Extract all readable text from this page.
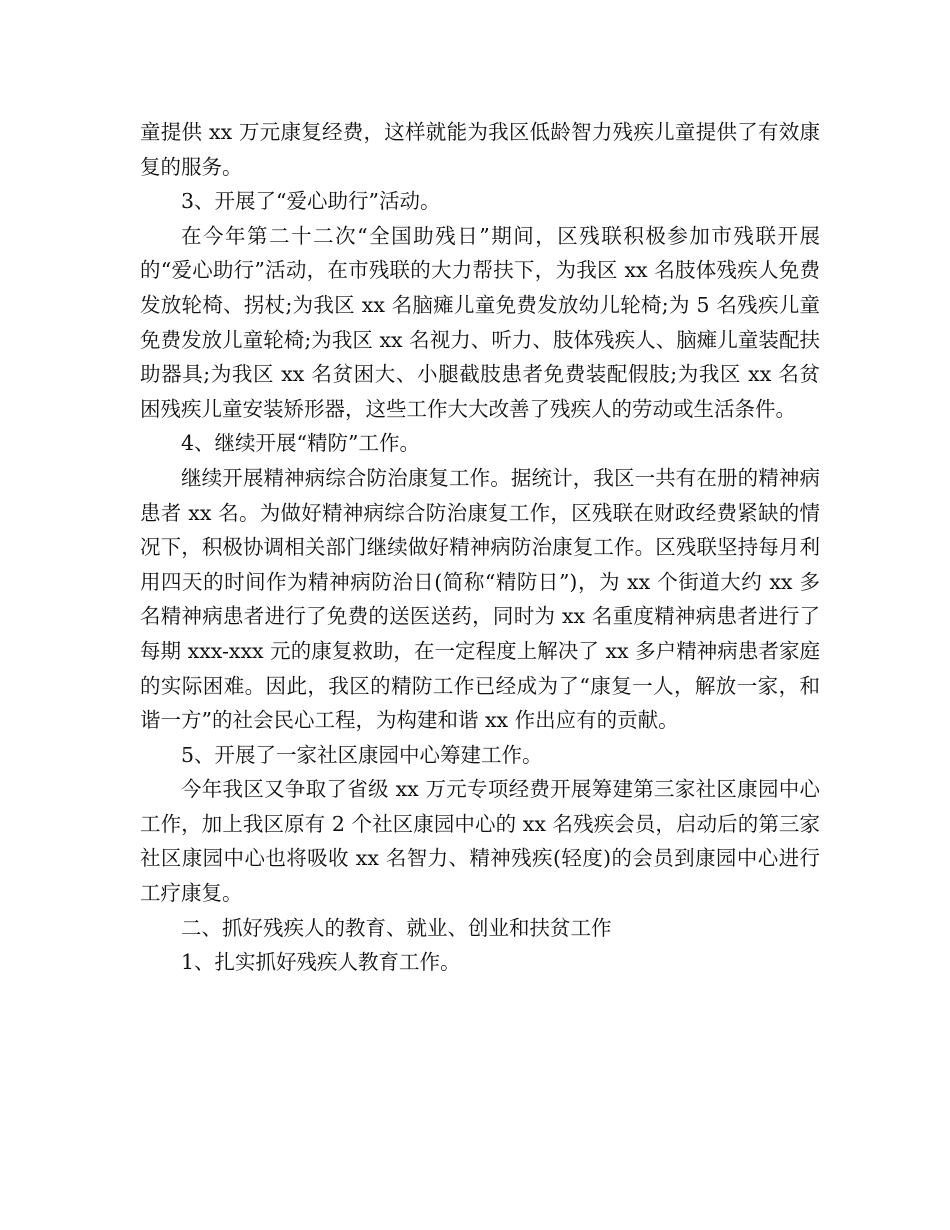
童提供 xx 万元康复经费，这样就能为我区低龄智力残疾儿童提供了有效康复的服务。

3、开展了“爱心助行”活动。

在今年第二十二次“全国助残日”期间，区残联积极参加市残联开展的“爱心助行”活动，在市残联的大力帮扶下，为我区 xx 名肢体残疾人免费发放轮椅、拐杖;为我区 xx 名脑瘫儿童免费发放幼儿轮椅;为 5 名残疾儿童免费发放儿童轮椅;为我区 xx 名视力、听力、肢体残疾人、脑瘫儿童装配扶助器具;为我区 xx 名贫困大、小腿截肢患者免费装配假肢;为我区 xx 名贫困残疾儿童安装矫形器，这些工作大大改善了残疾人的劳动或生活条件。

4、继续开展“精防”工作。

继续开展精神病综合防治康复工作。据统计，我区一共有在册的精神病患者 xx 名。为做好精神病综合防治康复工作，区残联在财政经费紧缺的情况下，积极协调相关部门继续做好精神病防治康复工作。区残联坚持每月利用四天的时间作为精神病防治日(简称“精防日”)，为 xx 个街道大约 xx 多名精神病患者进行了免费的送医送药，同时为 xx 名重度精神病患者进行了每期 xxx-xxx 元的康复救助，在一定程度上解决了 xx 多户精神病患者家庭的实际困难。因此，我区的精防工作已经成为了“康复一人，解放一家，和谐一方”的社会民心工程，为构建和谐 xx 作出应有的贡献。

5、开展了一家社区康园中心筹建工作。

今年我区又争取了省级 xx 万元专项经费开展筹建第三家社区康园中心工作，加上我区原有 2 个社区康园中心的 xx 名残疾会员，启动后的第三家社区康园中心也将吸收 xx 名智力、精神残疾(轻度)的会员到康园中心进行工疗康复。

二、抓好残疾人的教育、就业、创业和扶贫工作

1、扎实抓好残疾人教育工作。
